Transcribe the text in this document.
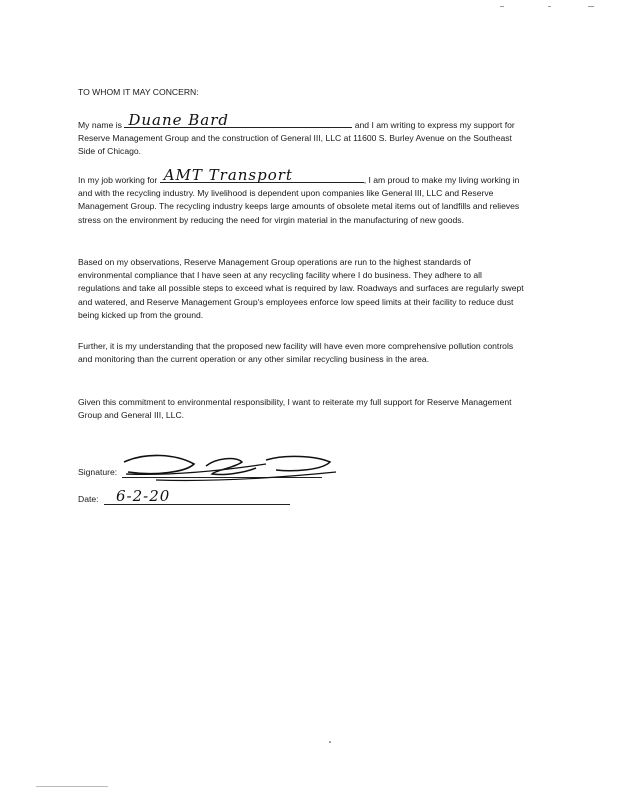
TO WHOM IT MAY CONCERN:

My name is Duane Bard	and I am writing to express my support for Reserve Management Group and the construction of General III, LLC at 11600 S. Burley Avenue on the Southeast Side of Chicago.

In my job working for AMT Transport	, I am proud to make my living working in and with the recycling industry. My livelihood is dependent upon companies like General III, LLC and Reserve Management Group. The recycling industry keeps large amounts of obsolete metal items out of landfills and relieves stress on the environment by reducing the need for virgin material in the manufacturing of new goods.

Based on my observations, Reserve Management Group operations are run to the highest standards of environmental compliance that I have seen at any recycling facility where I do business. They adhere to all regulations and take all possible steps to exceed what is required by law. Roadways and surfaces are regularly swept and watered, and Reserve Management Group's employees enforce low speed limits at their facility to reduce dust being kicked up from the ground.

Further, it is my understanding that the proposed new facility will have even more comprehensive pollution controls and monitoring than the current operation or any other similar recycling business in the area.

Given this commitment to environmental responsibility, I want to reiterate my full support for Reserve Management Group and General III, LLC.

Signature:
Date: 6-2-20
